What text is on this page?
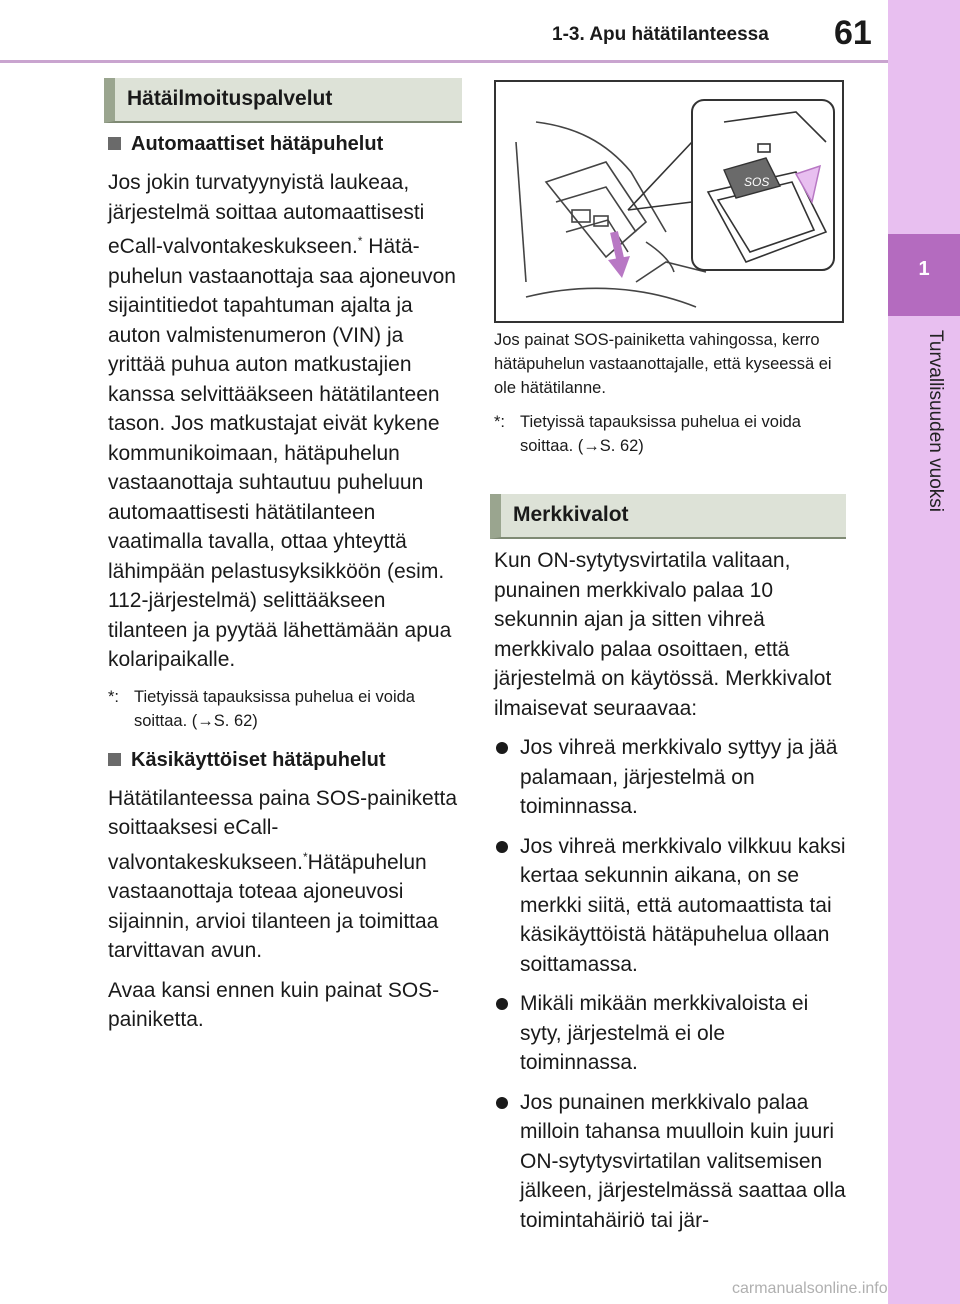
1-3. Apu hätätilanteessa 61
1
Turvallisuuden vuoksi
Hätäilmoituspalvelut
Automaattiset hätäpuhelut

Jos jokin turvatyynyistä laukeaa, järjestelmä soittaa automaattisesti eCall-valvontakeskukseen.* Hätäpuhelun vastaanottaja saa ajoneuvon sijaintitiedot tapahtuman ajalta ja auton valmistenumeron (VIN) ja yrittää puhua auton matkustajien kanssa selvittääkseen hätätilanteen tason. Jos matkustajat eivät kykene kommunikoimaan, hätäpuhelun vastaanottaja suhtautuu puheluun automaattisesti hätätilanteen vaatimalla tavalla, ottaa yhteyttä lähimpään pelastusyksikköön (esim. 112-järjestelmä) selittääkseen tilanteen ja pyytää lähettämään apua kolaripaikalle.

*: Tietyissä tapauksissa puhelua ei voida soittaa. (→S. 62)
Käsikäyttöiset hätäpuhelut

Hätätilanteessa paina SOS-painiketta soittaaksesi eCall-valvontakeskukseen.*Hätäpuhelun vastaanottaja toteaa ajoneuvosi sijainnin, arvioi tilanteen ja toimittaa tarvittavan avun.

Avaa kansi ennen kuin painat SOS-painiketta.

SOS
Jos painat SOS-painiketta vahingossa, kerro hätäpuhelun vastaanottajalle, että kyseessä ei ole hätätilanne.
*: Tietyissä tapauksissa puhelua ei voida soittaa. (→S. 62)
Merkkivalot

Kun ON-sytytysvirtatila valitaan, punainen merkkivalo palaa 10 sekunnin ajan ja sitten vihreä merkkivalo palaa osoittaen, että järjestelmä on käytössä. Merkkivalot ilmaisevat seuraavaa:

Jos vihreä merkkivalo syttyy ja jää palamaan, järjestelmä on toiminnassa.
Jos vihreä merkkivalo vilkkuu kaksi kertaa sekunnin aikana, on se merkki siitä, että automaattista tai käsikäyttöistä hätäpuhelua ollaan soittamassa.
Mikäli mikään merkkivaloista ei syty, järjestelmä ei ole toiminnassa.
Jos punainen merkkivalo palaa milloin tahansa muulloin kuin juuri ON-sytytysvirtatilan valitsemisen jälkeen, järjestelmässä saattaa olla toimintahäiriö tai jär-
carmanualsonline.info
